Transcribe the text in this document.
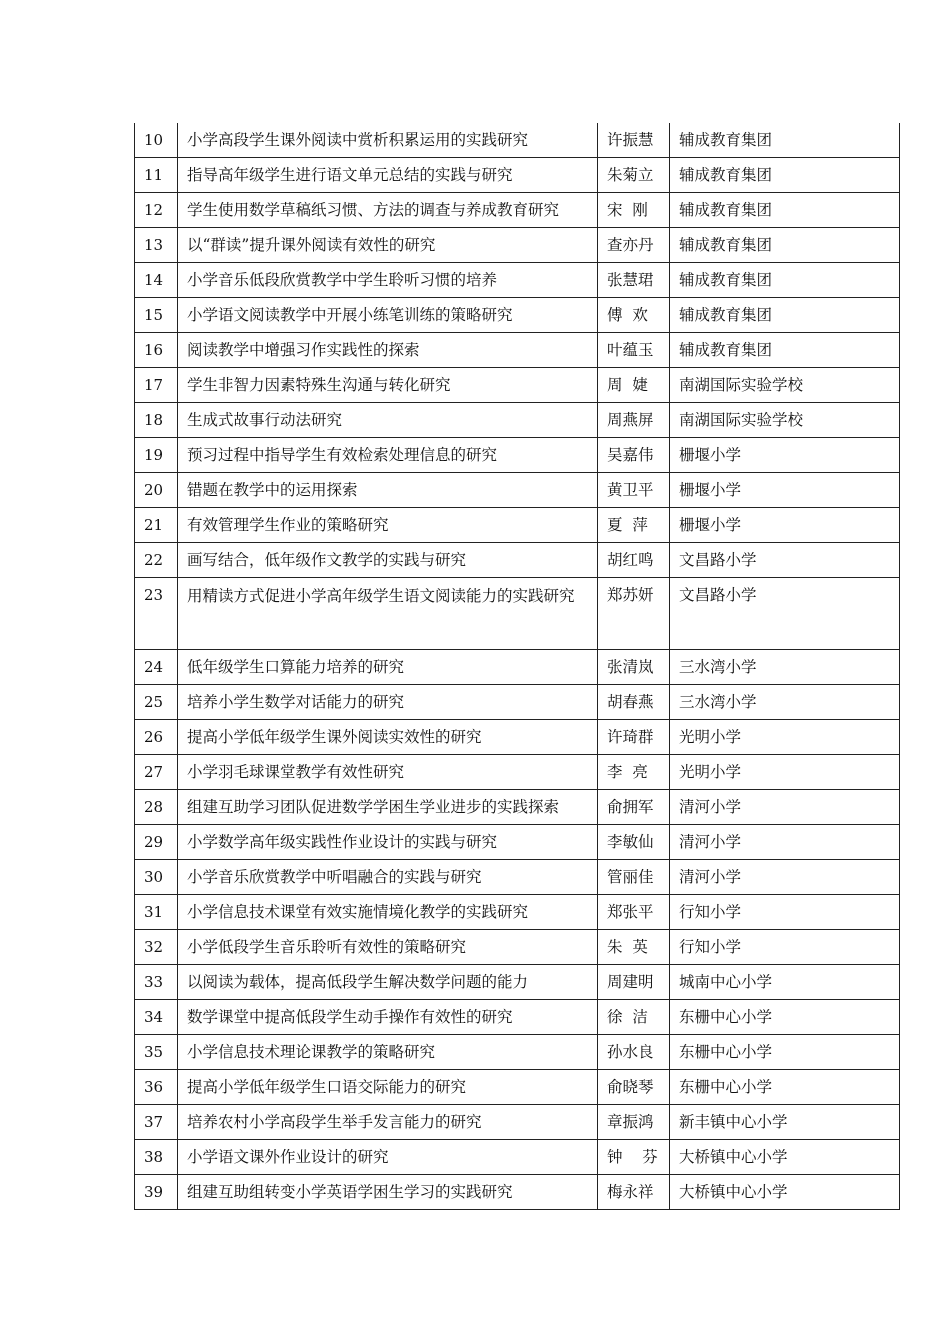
10	小学高段学生课外阅读中赏析积累运用的实践研究	许振慧	辅成教育集团
11	指导高年级学生进行语文单元总结的实践与研究	朱菊立	辅成教育集团
12	学生使用数学草稿纸习惯、方法的调查与养成教育研究	宋  刚	辅成教育集团
13	以“群读”提升课外阅读有效性的研究	查亦丹	辅成教育集团
14	小学音乐低段欣赏教学中学生聆听习惯的培养	张慧珺	辅成教育集团
15	小学语文阅读教学中开展小练笔训练的策略研究	傅  欢	辅成教育集团
16	阅读教学中增强习作实践性的探索	叶蕴玉	辅成教育集团
17	学生非智力因素特殊生沟通与转化研究	周  婕	南湖国际实验学校
18	生成式故事行动法研究	周燕屏	南湖国际实验学校
19	预习过程中指导学生有效检索处理信息的研究	吴嘉伟	栅堰小学
20	错题在教学中的运用探索	黄卫平	栅堰小学
21	有效管理学生作业的策略研究	夏  萍	栅堰小学
22	画写结合，低年级作文教学的实践与研究	胡红鸣	文昌路小学
23	用精读方式促进小学高年级学生语文阅读能力的实践研究	郑苏妍	文昌路小学
24	低年级学生口算能力培养的研究	张清岚	三水湾小学
25	培养小学生数学对话能力的研究	胡春燕	三水湾小学
26	提高小学低年级学生课外阅读实效性的研究	许琦群	光明小学
27	小学羽毛球课堂教学有效性研究	李  亮	光明小学
28	组建互助学习团队促进数学学困生学业进步的实践探索	俞拥军	清河小学
29	小学数学高年级实践性作业设计的实践与研究	李敏仙	清河小学
30	小学音乐欣赏教学中听唱融合的实践与研究	管丽佳	清河小学
31	小学信息技术课堂有效实施情境化教学的实践研究	郑张平	行知小学
32	小学低段学生音乐聆听有效性的策略研究	朱  英	行知小学
33	以阅读为载体，提高低段学生解决数学问题的能力	周建明	城南中心小学
34	数学课堂中提高低段学生动手操作有效性的研究	徐  洁	东栅中心小学
35	小学信息技术理论课教学的策略研究	孙水良	东栅中心小学
36	提高小学低年级学生口语交际能力的研究	俞晓琴	东栅中心小学
37	培养农村小学高段学生举手发言能力的研究	章振鸿	新丰镇中心小学
38	小学语文课外作业设计的研究	钟    芬	大桥镇中心小学
39	组建互助组转变小学英语学困生学习的实践研究	梅永祥	大桥镇中心小学
